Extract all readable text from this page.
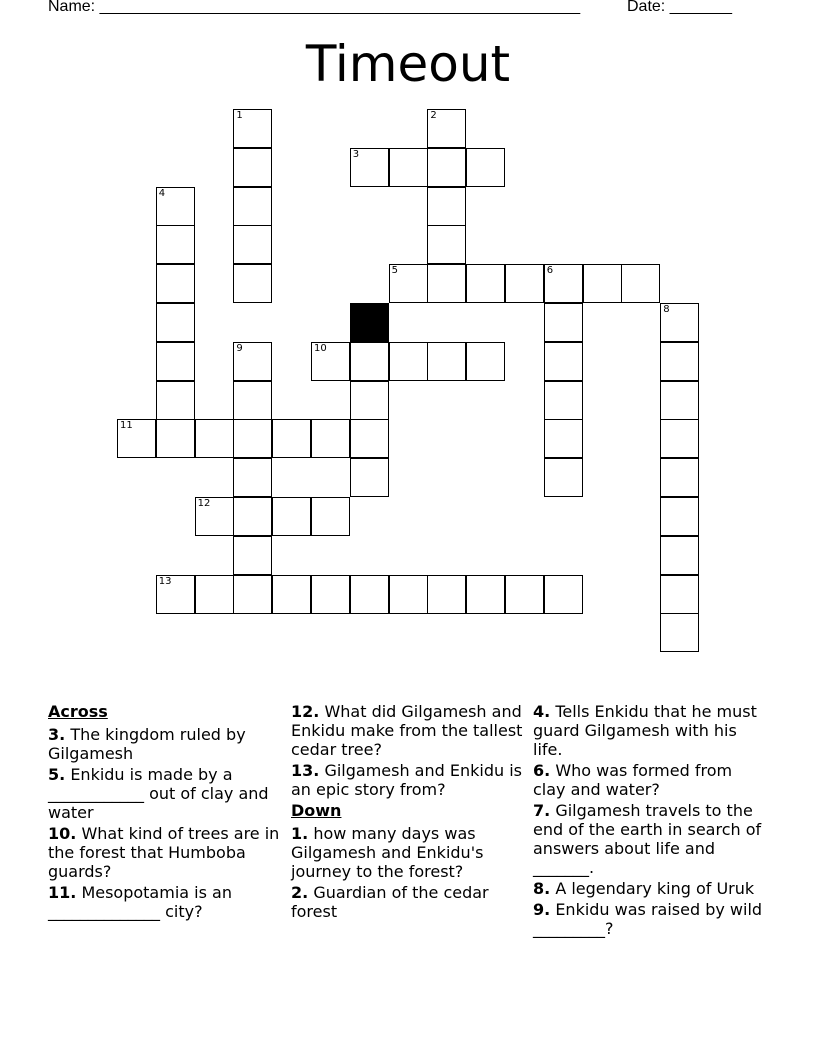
Name: ______________________________________________________	Date: _______
Timeout
1	2
3
4
5	6
8
9	10
11
12
13
Across
3. The kingdom ruled by Gilgamesh
5. Enkidu is made by a ____________ out of clay and water
10. What kind of trees are in the forest that Humboba guards?
11. Mesopotamia is an ______________ city?
12. What did Gilgamesh and Enkidu make from the tallest cedar tree?
13. Gilgamesh and Enkidu is an epic story from?
Down
1. how many days was Gilgamesh and Enkidu's journey to the forest?
2. Guardian of the cedar forest
4. Tells Enkidu that he must guard Gilgamesh with his life.
6. Who was formed from clay and water?
7. Gilgamesh travels to the end of the earth in search of answers about life and _______.
8. A legendary king of Uruk
9. Enkidu was raised by wild _________?
